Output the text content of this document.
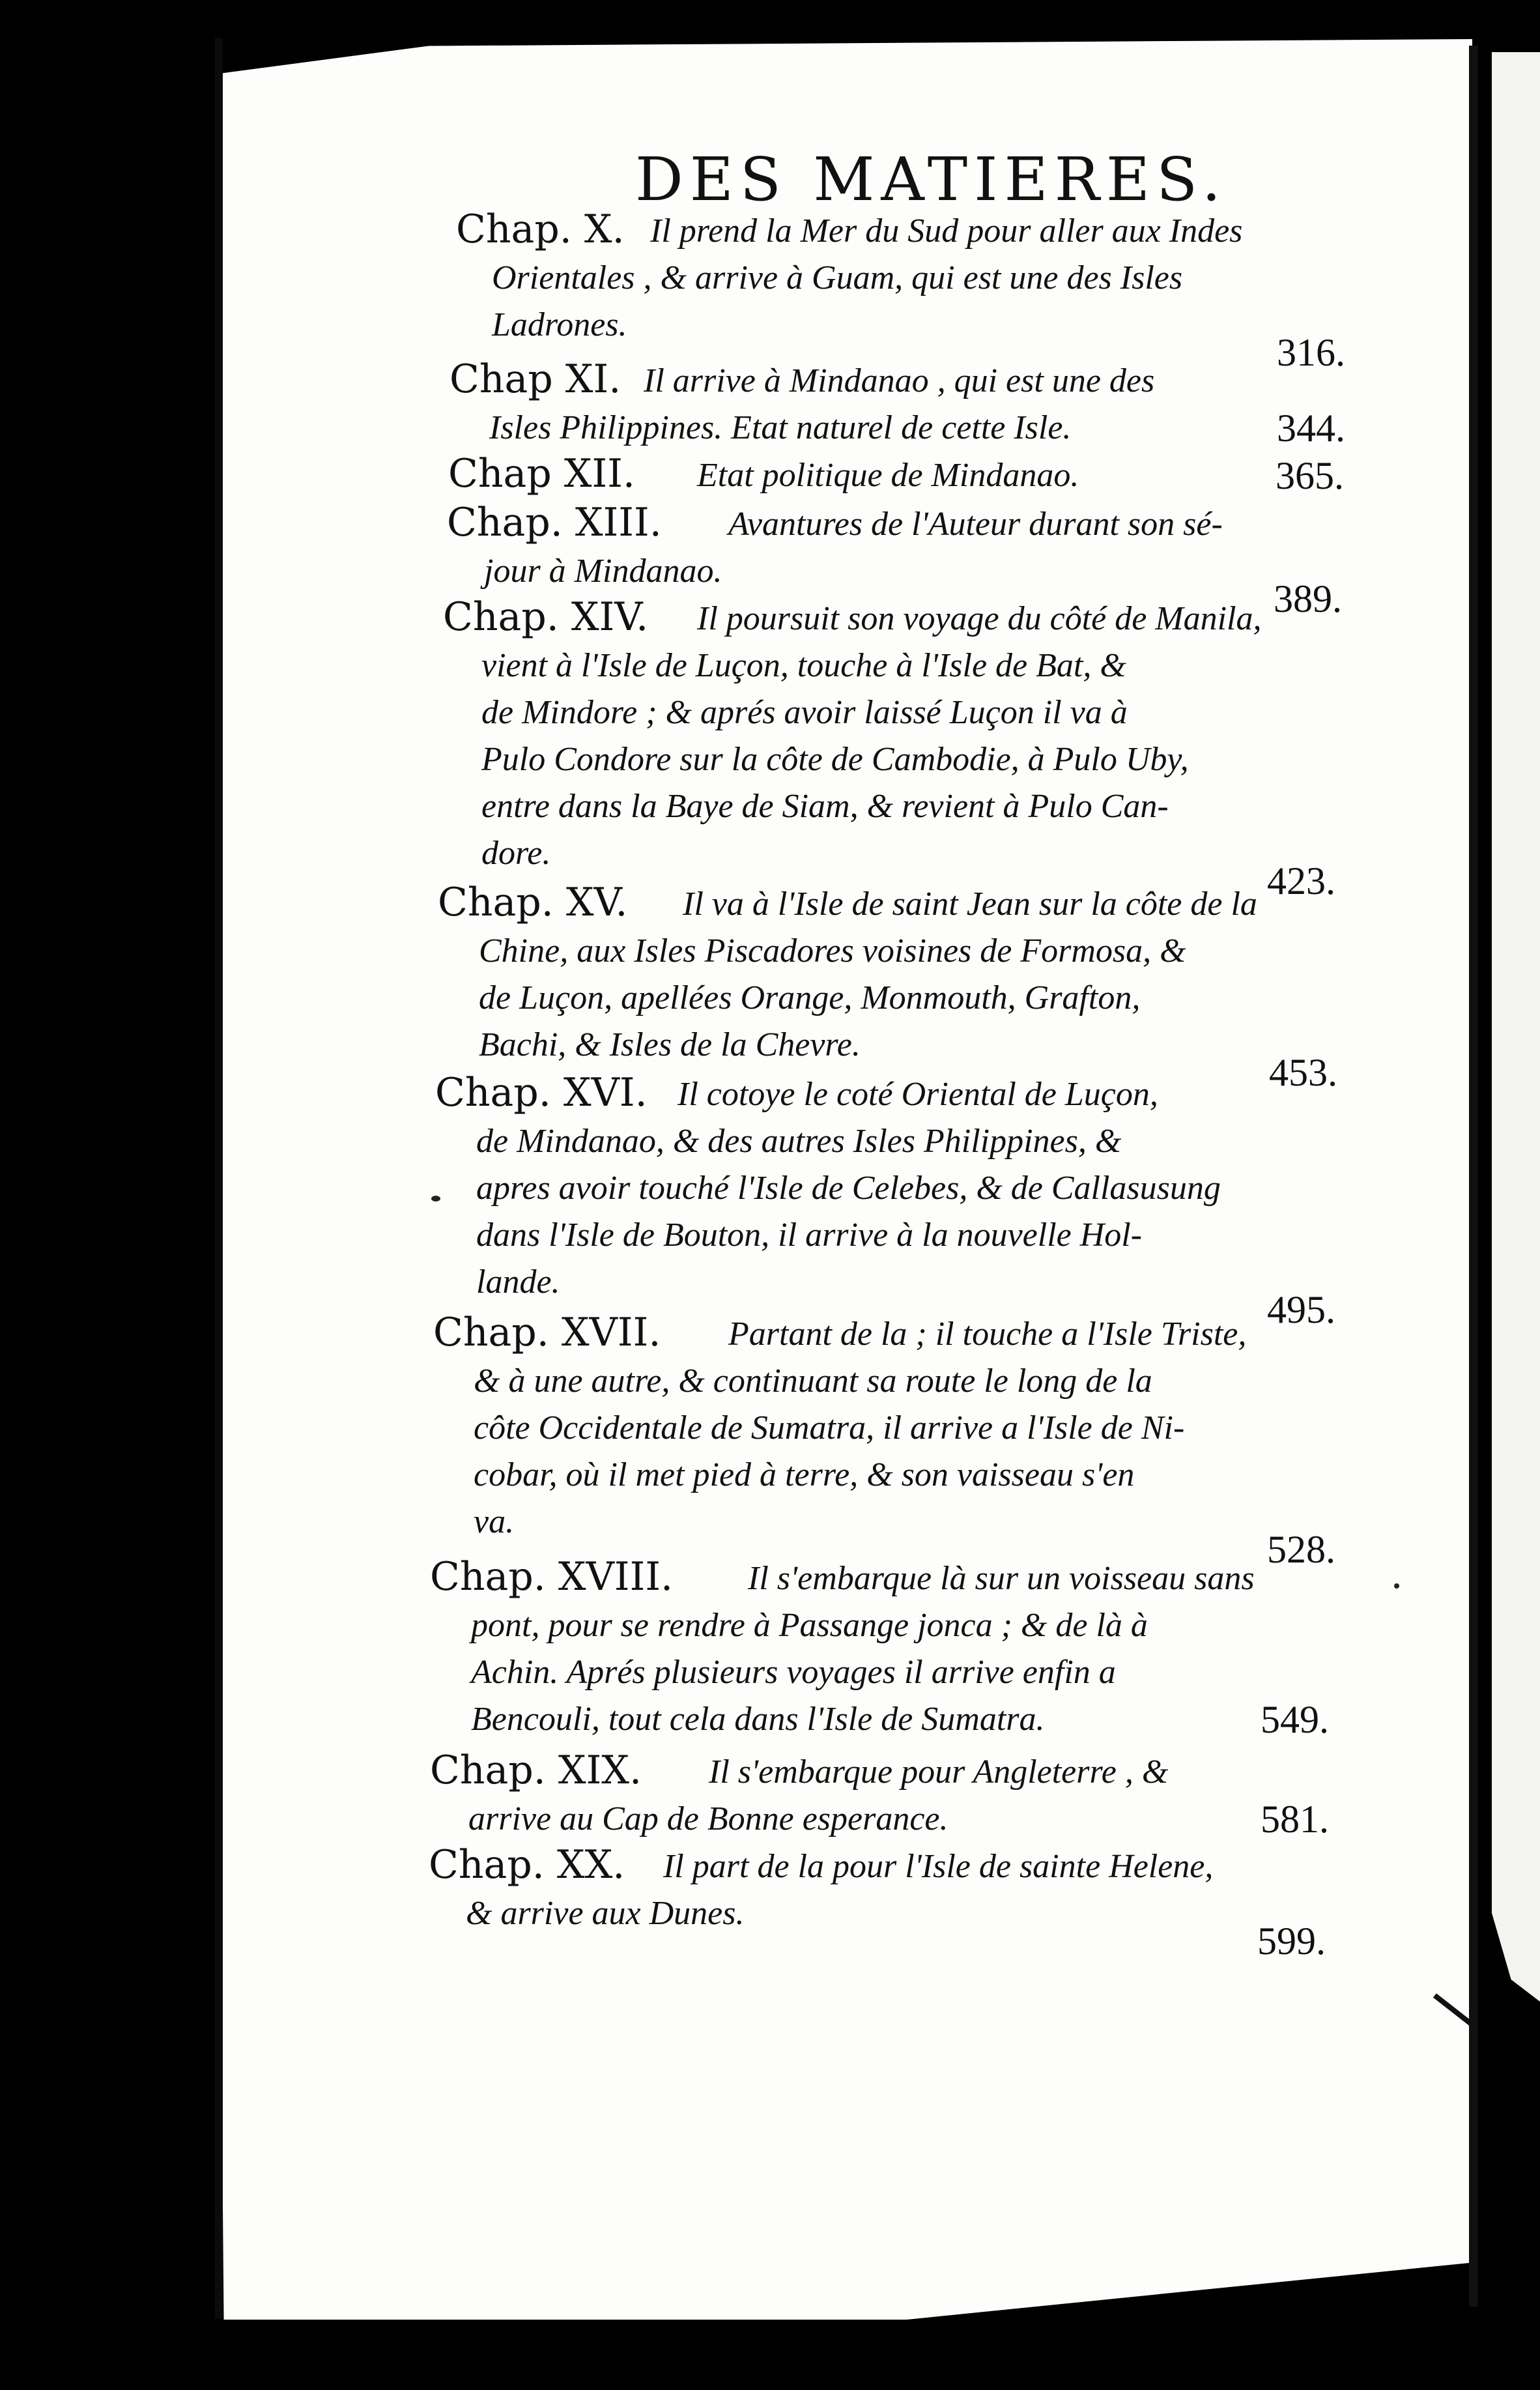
DES MATIERES.
Chap. X. Il prend la Mer du Sud pour aller aux Indes
Orientales , & arrive à Guam, qui est une des Isles
Ladrones.
316.
Chap XI. Il arrive à Mindanao , qui est une des
Isles Philippines. Etat naturel de cette Isle.	344.
Chap XII. Etat politique de Mindanao.	365.
Chap. XIII. Avantures de l'Auteur durant son sé-
jour à Mindanao.
389.
Chap. XIV. Il poursuit son voyage du côté de Manila,
vient à l'Isle de Luçon, touche à l'Isle de Bat, &
de Mindore ; & aprés avoir laissé Luçon il va à
Pulo Condore sur la côte de Cambodie, à Pulo Uby,
entre dans la Baye de Siam, & revient à Pulo Can-
dore.
423.
Chap. XV. Il va à l'Isle de saint Jean sur la côte de la
Chine, aux Isles Piscadores voisines de Formosa, &
de Luçon, apellées Orange, Monmouth, Grafton,
Bachi, & Isles de la Chevre.
453.
Chap. XVI. Il cotoye le coté Oriental de Luçon,
de Mindanao, & des autres Isles Philippines, &
apres avoir touché l'Isle de Celebes, & de Callasusung
dans l'Isle de Bouton, il arrive à la nouvelle Hol-
lande.
495.
Chap. XVII. Partant de la ; il touche a l'Isle Triste,
& à une autre, & continuant sa route le long de la
côte Occidentale de Sumatra, il arrive a l'Isle de Ni-
cobar, où il met pied à terre, & son vaisseau s'en
va.
528.
Chap. XVIII. Il s'embarque là sur un voisseau sans
pont, pour se rendre à Passange jonca ; & de là à
Achin. Aprés plusieurs voyages il arrive enfin a
Bencouli, tout cela dans l'Isle de Sumatra.	549.
Chap. XIX. Il s'embarque pour Angleterre , &
arrive au Cap de Bonne esperance.	581.
Chap. XX. Il part de la pour l'Isle de sainte Helene,
& arrive aux Dunes.
599.
